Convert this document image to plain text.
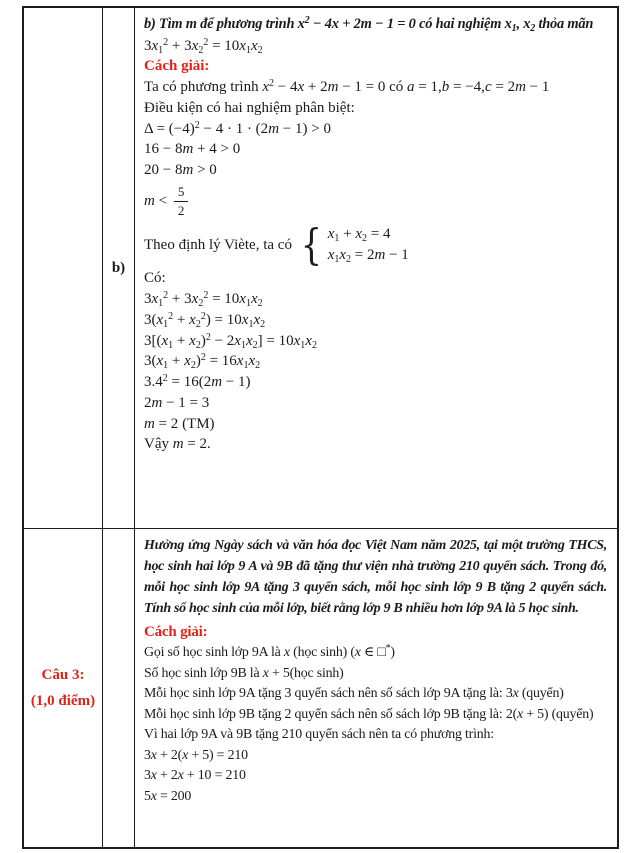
b)
b) Tìm m để phương trình $x^2 - 4x + 2m - 1 = 0$ có hai nghiệm $x_1$, $x_2$ thỏa mãn
$3x_1^2 + 3x_2^2 = 10x_1x_2$
Cách giải:
Ta có phương trình $x^2 - 4x + 2m - 1 = 0$ có a = 1,b = −4,c = 2m − 1
Điều kiện có hai nghiệm phân biệt:
$\Delta = (-4)^2 - 4 \cdot 1 \cdot (2m - 1) > 0$
16 − 8m + 4 > 0
20 − 8m > 0
$m < \frac{5}{2}$
Theo định lý Viète, ta có { $x_1 + x_2 = 4$
$x_1x_2 = 2m - 1$
Có:
$3x_1^2 + 3x_2^2 = 10x_1x_2$
$3(x_1^2 + x_2^2) = 10x_1x_2$
$3[(x_1 + x_2)^2 - 2x_1x_2] = 10x_1x_2$
$3(x_1 + x_2)^2 = 16x_1x_2$
$3.4^2 = 16(2m - 1)$
2m − 1 = 3
m = 2 (TM)
Vậy m = 2.
Câu 3:
(1,0 điểm)
Hưởng ứng Ngày sách và văn hóa đọc Việt Nam năm 2025, tại một trường THCS, học sinh hai lớp 9 A và 9B đã tặng thư viện nhà trường 210 quyển sách. Trong đó, mỗi học sinh lớp 9A tặng 3 quyển sách, mỗi học sinh lớp 9 B tặng 2 quyển sách. Tính số học sinh của mỗi lớp, biết rằng lớp 9 B nhiều hơn lớp 9A là 5 học sinh.
Cách giải:
Gọi số học sinh lớp 9A là x (học sinh) (x ∈ □*)
Số học sinh lớp 9B là x + 5(học sinh)
Mỗi học sinh lớp 9A tặng 3 quyển sách nên số sách lớp 9A tặng là: 3x (quyển)
Mỗi học sinh lớp 9B tặng 2 quyển sách nên số sách lớp 9B tặng là: 2(x + 5) (quyển)
Vì hai lớp 9A và 9B tặng 210 quyển sách nên ta có phương trình:
3x + 2(x + 5) = 210
3x + 2x + 10 = 210
5x = 200
